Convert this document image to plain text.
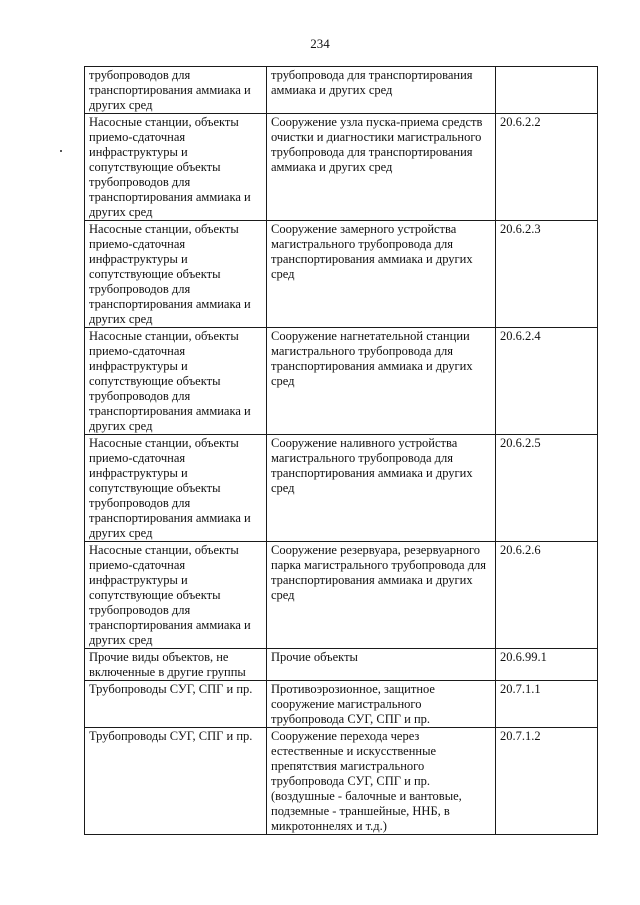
234
трубопроводов для транспортирования аммиака и других сред	трубопровода для транспортирования аммиака и других сред	
Насосные станции, объекты приемо-сдаточная инфраструктуры и сопутствующие объекты трубопроводов для транспортирования аммиака и других сред	Сооружение узла пуска-приема средств очистки и диагностики магистрального трубопровода для транспортирования аммиака и других сред	20.6.2.2
Насосные станции, объекты приемо-сдаточная инфраструктуры и сопутствующие объекты трубопроводов для транспортирования аммиака и других сред	Сооружение замерного устройства магистрального трубопровода для транспортирования аммиака и других сред	20.6.2.3
Насосные станции, объекты приемо-сдаточная инфраструктуры и сопутствующие объекты трубопроводов для транспортирования аммиака и других сред	Сооружение нагнетательной станции магистрального трубопровода для транспортирования аммиака и других сред	20.6.2.4
Насосные станции, объекты приемо-сдаточная инфраструктуры и сопутствующие объекты трубопроводов для транспортирования аммиака и других сред	Сооружение наливного устройства магистрального трубопровода для транспортирования аммиака и других сред	20.6.2.5
Насосные станции, объекты приемо-сдаточная инфраструктуры и сопутствующие объекты трубопроводов для транспортирования аммиака и других сред	Сооружение резервуара, резервуарного парка магистрального трубопровода для транспортирования аммиака и других сред	20.6.2.6
Прочие виды объектов, не включенные в другие группы	Прочие объекты	20.6.99.1
Трубопроводы СУГ, СПГ и пр.	Противоэрозионное, защитное сооружение магистрального трубопровода СУГ, СПГ и пр.	20.7.1.1
Трубопроводы СУГ, СПГ и пр.	Сооружение перехода через естественные и искусственные препятствия магистрального трубопровода СУГ, СПГ и пр. (воздушные - балочные и вантовые, подземные - траншейные, ННБ, в микротоннелях и т.д.)	20.7.1.2
